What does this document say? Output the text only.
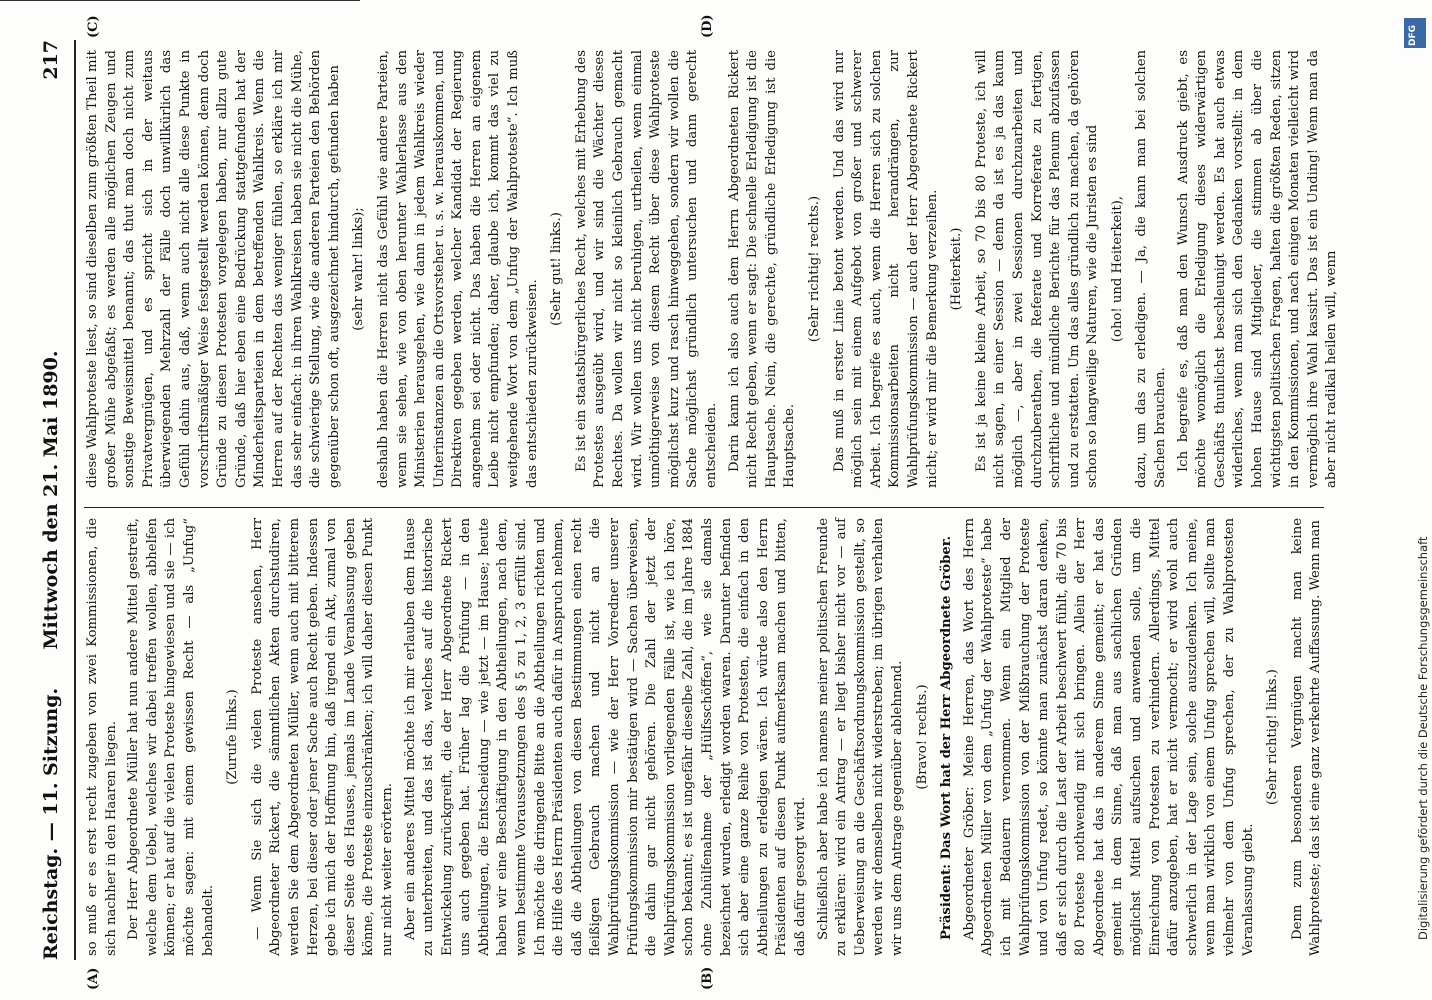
Reichstag. — 11. Sitzung.
Mittwoch den 21. Mai 1890.
217
(A)	(B)
(C)	(D)

so muß er es erst recht zugeben von zwei Kommissionen, die sich nachher in den Haaren liegen. Der Herr Abgeordnete Müller hat nun andere Mittel gestreift, welche dem Uebel, welches wir dabei treffen wollen, abhelfen können; er hat auf die vielen Proteste hingewiesen und sie — ich möchte sagen: mit einem gewissen Recht — als „Unfug“ behandelt.

(Zurufe links.) — Wenn Sie sich die vielen Proteste ansehen, Herr Abgeordneter Rickert, die sämmtlichen Akten durchstudiren, werden Sie dem Abgeordneten Müller, wenn auch mit bitterem Herzen, bei dieser oder jener Sache auch Recht geben. Indessen gebe ich mich der Hoffnung hin, daß irgend ein Akt, zumal von dieser Seite des Hauses, jemals im Lande Veranlassung geben könne, die Proteste einzuschränken; ich will daher diesen Punkt nur nicht weiter erörtern. Aber ein anderes Mittel möchte ich mir erlauben dem Hause zu unterbreiten, und das ist das, welches auf die historische Entwickelung zurückgreift, die der Herr Abgeordnete Rickert uns auch gegeben hat. Früher lag die Prüfung — in den Abtheilungen, die Entscheidung — wie jetzt — im Hause; heute haben wir eine Beschäftigung in den Abtheilungen, nach dem, wenn bestimmte Voraussetzungen des § 5 zu 1, 2, 3 erfüllt sind. Ich möchte die dringende Bitte an die Abtheilungen richten und die Hilfe des Herrn Präsidenten auch dafür in Anspruch nehmen, daß die Abtheilungen von diesen Bestimmungen einen recht fleißigen Gebrauch machen und nicht an die Wahlprüfungskommission — wie der Herr Vorredner unserer Prüfungskommission mir bestätigen wird — Sachen überweisen, die dahin gar nicht gehören. Die Zahl der jetzt der Wahlprüfungskommission vorliegenden Fälle ist, wie ich höre, schon bekannt; es ist ungefähr dieselbe Zahl, die im Jahre 1884 ohne Zuhülfenahme der „Hülfsschöffen“, wie sie damals bezeichnet wurden, erledigt worden waren. Darunter befinden sich aber eine ganze Reihe von Protesten, die einfach in den Abtheilungen zu erledigen wären. Ich würde also den Herrn Präsidenten auf diesen Punkt aufmerksam machen und bitten, daß dafür gesorgt wird. Schließlich aber habe ich namens meiner politischen Freunde zu erklären: wird ein Antrag — er liegt bisher nicht vor — auf Ueberweisung an die Geschäftsordnungskommission gestellt, so werden wir demselben nicht widerstreben; im übrigen verhalten wir uns dem Antrage gegenüber ablehnend. (Bravo! rechts.) Präsident: Das Wort hat der Herr Abgeordnete Gröber. Abgeordneter Gröber: Meine Herren, das Wort des Herrn Abgeordneten Müller von dem „Unfug der Wahlproteste“ habe ich mit Bedauern vernommen. Wenn ein Mitglied der Wahlprüfungskommission von der Mißbrauchung der Proteste und von Unfug redet, so könnte man zunächst daran denken, daß er sich durch die Last der Arbeit beschwert fühlt, die 70 bis 80 Proteste nothwendig mit sich bringen. Allein der Herr Abgeordnete hat das in anderem Sinne gemeint; er hat das gemeint in dem Sinne, daß man aus sachlichen Gründen möglichst Mittel aufsuchen und anwenden solle, um die Einreichung von Protesten zu verhindern. Allerdings, Mittel dafür anzugeben, hat er nicht vermocht; er wird wohl auch schwerlich in der Lage sein, solche auszudenken. Ich meine, wenn man wirklich von einem Unfug sprechen will, sollte man vielmehr von dem Unfug sprechen, der zu Wahlprotesten Veranlassung giebt.

(Sehr richtig! links.) Denn zum besonderen Vergnügen macht man keine Wahlproteste; das ist eine ganz verkehrte Auffassung. Wenn man

diese Wahlproteste liest, so sind dieselben zum größten Theil mit großer Mühe abgefaßt; es werden alle möglichen Zeugen und sonstige Beweismittel benannt; das thut man doch nicht zum Privatvergnügen, und es spricht sich in der weitaus überwiegenden Mehrzahl der Fälle doch unwillkürlich das Gefühl dahin aus, daß, wenn auch nicht alle diese Punkte in vorschriftsmäßiger Weise festgestellt werden können, denn doch Gründe zu diesen Protesten vorgelegen haben, nur allzu gute Gründe, daß hier eben eine Bedrückung stattgefunden hat der Minderheitsparteien in dem betreffenden Wahlkreis. Wenn die Herren auf der Rechten das weniger fühlen, so erkläre ich mir das sehr einfach: in ihren Wahlkreisen haben sie nicht die Mühe, die schwierige Stellung, wie die anderen Parteien den Behörden gegenüber schon oft, ausgezeichnet hindurch, gefunden haben (sehr wahr! links); deshalb haben die Herren nicht das Gefühl wie andere Parteien, wenn sie sehen, wie von oben herunter Wahlerlasse aus den Ministerien herausgehen, wie dann in jedem Wahlkreis wieder Unterinstanzen an die Ortsvorsteher u. s. w. herauskommen, und Direktiven gegeben werden, welcher Kandidat der Regierung angenehm sei oder nicht. Das haben die Herren an eigenem Leibe nicht empfunden; daher, glaube ich, kommt das viel zu weitgehende Wort von dem „Unfug der Wahlproteste“. Ich muß das entschieden zurückweisen.

(Sehr gut! links.) Es ist ein staatsbürgerliches Recht, welches mit Erhebung des Protestes ausgeübt wird, und wir sind die Wächter dieses Rechtes. Da wollen wir nicht so kleinlich Gebrauch gemacht wird. Wir wollen uns nicht beruhigen, urtheilen, wenn einmal unnöthigerweise von diesem Recht über diese Wahlproteste möglichst kurz und rasch hinweggehen, sondern wir wollen die Sache möglichst gründlich untersuchen und dann gerecht entscheiden. Darin kann ich also auch dem Herrn Abgeordneten Rickert nicht Recht geben, wenn er sagt: Die schnelle Erledigung ist die Hauptsache. Nein, die gerechte, gründliche Erledigung ist die Hauptsache.

(Sehr richtig! rechts.) Das muß in erster Linie betont werden. Und das wird nur möglich sein mit einem Aufgebot von großer und schwerer Arbeit. Ich begreife es auch, wenn die Herren sich zu solchen Kommissionsarbeiten nicht herandrängen, zur Wahlprüfungskommission — auch der Herr Abgeordnete Rickert nicht; er wird mir die Bemerkung verzeihen. (Heiterkeit.) Es ist ja keine kleine Arbeit, so 70 bis 80 Proteste, ich will nicht sagen, in einer Session — denn da ist es ja das kaum möglich —, aber in zwei Sessionen durchzuarbeiten und durchzuberathen, die Referate und Korreferate zu fertigen, schriftliche und mündliche Berichte für das Plenum abzufassen und zu erstatten. Um das alles gründlich zu machen, da gehören schon so langweilige Naturen, wie die Juristen es sind (oho! und Heiterkeit), dazu, um das zu erledigen. — Ja, die kann man bei solchen Sachen brauchen. Ich begreife es, daß man den Wunsch Ausdruck giebt, es möchte womöglich die Erledigung dieses widerwärtigen Geschäfts thunlichst beschleunigt werden. Es hat auch etwas widerliches, wenn man sich den Gedanken vorstellt: in dem hohen Hause sind Mitglieder, die stimmen ab über die wichtigsten politischen Fragen, halten die größten Reden, sitzen in den Kommissionen, und nach einigen Monaten vielleicht wird vermöglich ihre Wahl kassirt. Das ist ein Unding! Wenn man da aber nicht radikal heilen will, wenn

DFG
Digitalisierung gefördert durch die Deutsche Forschungsgemeinschaft
